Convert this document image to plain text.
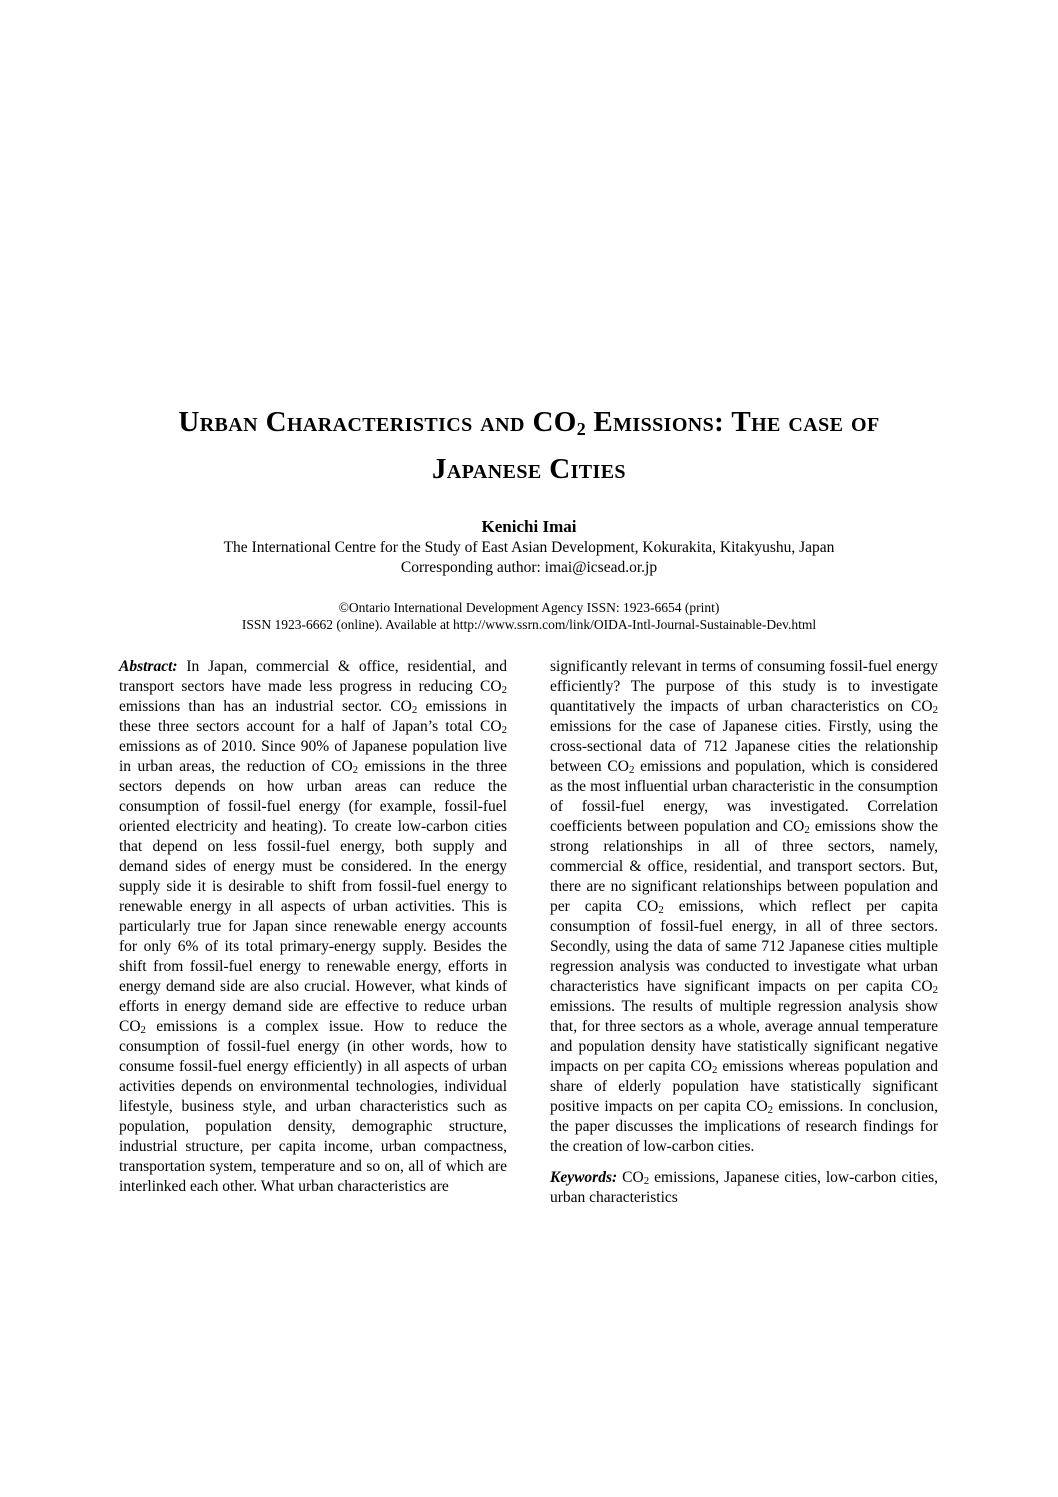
Urban Characteristics and CO2 Emissions: The case of
Japanese Cities
Kenichi Imai
The International Centre for the Study of East Asian Development, Kokurakita, Kitakyushu, Japan
Corresponding author: imai@icsead.or.jp
©Ontario International Development Agency ISSN: 1923-6654 (print)
ISSN 1923-6662 (online). Available at http://www.ssrn.com/link/OIDA-Intl-Journal-Sustainable-Dev.html

Abstract: In Japan, commercial & office, residential, and transport sectors have made less progress in reducing $CO_2$ emissions than has an industrial sector. $CO_2$ emissions in these three sectors account for a half of Japan’s total $CO_2$ emissions as of 2010. Since 90% of Japanese population live in urban areas, the reduction of $CO_2$ emissions in the three sectors depends on how urban areas can reduce the consumption of fossil-fuel energy (for example, fossil-fuel oriented electricity and heating). To create low-carbon cities that depend on less fossil-fuel energy, both supply and demand sides of energy must be considered. In the energy supply side it is desirable to shift from fossil-fuel energy to renewable energy in all aspects of urban activities. This is particularly true for Japan since renewable energy accounts for only 6% of its total primary-energy supply. Besides the shift from fossil-fuel energy to renewable energy, efforts in energy demand side are also crucial. However, what kinds of efforts in energy demand side are effective to reduce urban $CO_2$ emissions is a complex issue. How to reduce the consumption of fossil-fuel energy (in other words, how to consume fossil-fuel energy efficiently) in all aspects of urban activities depends on environmental technologies, individual lifestyle, business style, and urban characteristics such as population, population density, demographic structure, industrial structure, per capita income, urban compactness, transportation system, temperature and so on, all of which are interlinked each other. What urban characteristics are

significantly relevant in terms of consuming fossil-fuel energy efficiently? The purpose of this study is to investigate quantitatively the impacts of urban characteristics on $CO_2$ emissions for the case of Japanese cities. Firstly, using the cross-sectional data of 712 Japanese cities the relationship between $CO_2$ emissions and population, which is considered as the most influential urban characteristic in the consumption of fossil-fuel energy, was investigated. Correlation coefficients between population and $CO_2$ emissions show the strong relationships in all of three sectors, namely, commercial & office, residential, and transport sectors. But, there are no significant relationships between population and per capita $CO_2$ emissions, which reflect per capita consumption of fossil-fuel energy, in all of three sectors. Secondly, using the data of same 712 Japanese cities multiple regression analysis was conducted to investigate what urban characteristics have significant impacts on per capita $CO_2$ emissions. The results of multiple regression analysis show that, for three sectors as a whole, average annual temperature and population density have statistically significant negative impacts on per capita $CO_2$ emissions whereas population and share of elderly population have statistically significant positive impacts on per capita $CO_2$ emissions. In conclusion, the paper discusses the implications of research findings for the creation of low-carbon cities.

Keywords: $CO_2$ emissions, Japanese cities, low-carbon cities, urban characteristics
